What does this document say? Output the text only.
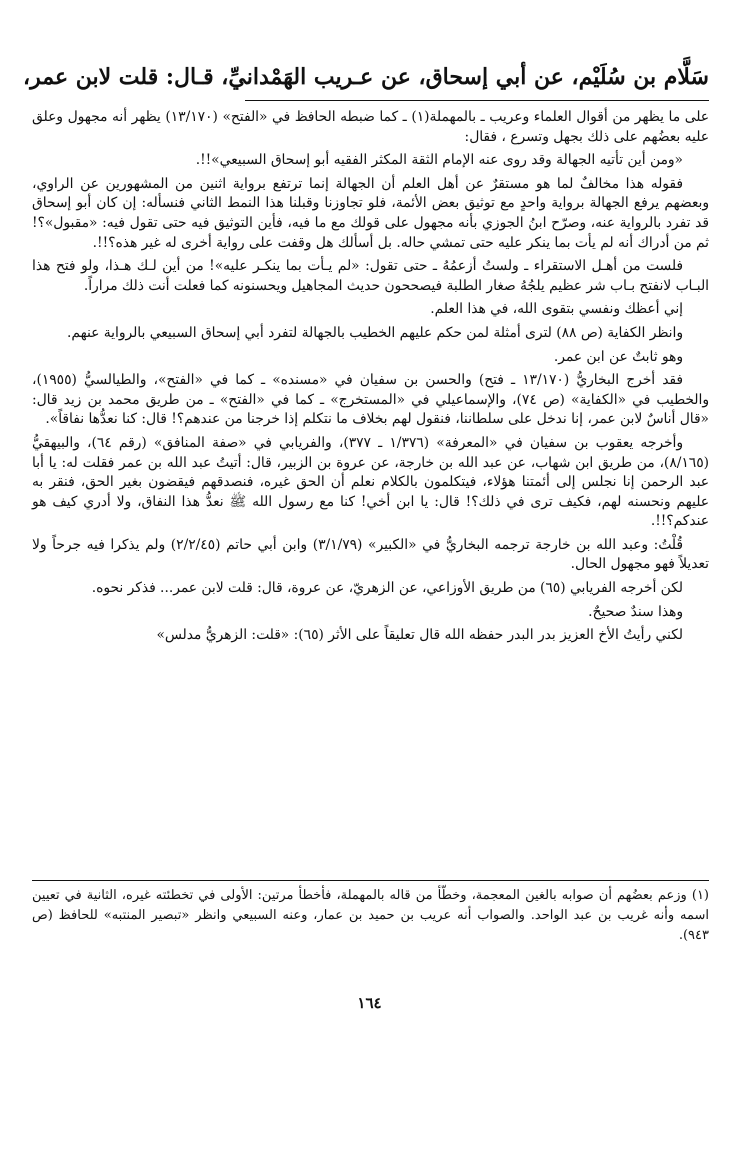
سَلَّام بن سُلَيْم، عن أبي إسحاق، عن عـريب الهَمْدانيِّ، قـال: قلت لابن عمر،

على ما يظهر من أقوال العلماء وعريب ـ بالمهملة(١) ـ كما ضبطه الحافظ في «الفتح» (١٣/١٧٠) يظهر أنه مجهول وعلق عليه بعضُهم على ذلك بجهل وتسرع ، فقال:

«ومن أين تأتيه الجهالة وقد روى عنه الإمام الثقة المكثر الفقيه أبو إسحاق السبيعي»!!.

فقوله هذا مخالفٌ لما هو مستقرٌ عن أهل العلم أن الجهالة إنما ترتفع برواية اثنين من المشهورين عن الراوي، وبعضهم يرفع الجهالة برواية واحدٍ مع توثيق بعض الأئمة، فلو تجاوزنا وقبلنا هذا النمط الثاني فنسأله: إن كان أبو إسحاق قد تفرد بالرواية عنه، وصرّح ابنُ الجوزي بأنه مجهول على قولك مع ما فيه، فأين التوثيق فيه حتى تقول فيه: «مقبول»؟! ثم من أدراك أنه لم يأت بما ينكر عليه حتى تمشي حاله. بل أسألك هل وقفت على رواية أخرى له غير هذه؟!!.

فلست من أهـل الاستقراء ـ ولستُ أزعمُهُ ـ حتى تقول: «لم يـأت بما ينكـر عليه»! من أين لـك هـذا، ولو فتح هذا البـاب لانفتح بـاب شر عظيم يلجُهُ صغار الطلبة فيصححون حديث المجاهيل ويحسنونه كما فعلت أنت ذلك مراراً.

إني أعظك ونفسي بتقوى الله، في هذا العلم.

وانظر الكفاية (ص ٨٨) لترى أمثلة لمن حكم عليهم الخطيب بالجهالة لتفرد أبي إسحاق السبيعي بالرواية عنهم.

وهو ثابتٌ عن ابن عمر.

فقد أخرج البخاريُّ (١٣/١٧٠ ـ فتح) والحسن بن سفيان في «مسنده» ـ كما في «الفتح»، والطيالسيُّ (١٩٥٥)، والخطيب في «الكفاية» (ص ٧٤)، والإسماعيلي في «المستخرج» ـ كما في «الفتح» ـ من طريق محمد بن زيد قال: «قال أناسٌ لابن عمر، إنا ندخل على سلطاننا، فنقول لهم بخلاف ما نتكلم إذا خرجنا من عندهم؟! قال: كنا نعدُّها نفاقاً».

وأخرجه يعقوب بن سفيان في «المعرفة» (١/٣٧٦ ـ ٣٧٧)، والفريابي في «صفة المنافق» (رقم ٦٤)، والبيهقيُّ (٨/١٦٥)، من طريق ابن شهاب، عن عبد الله بن خارجة، عن عروة بن الزبير، قال: أتيتُ عبد الله بن عمر فقلت له: يا أبا عبد الرحمن إنا نجلس إلى أئمتنا هؤلاء، فيتكلمون بالكلام نعلم أن الحق غيره، فنصدقهم فيقضون بغير الحق، فنقر به عليهم ونحسنه لهم، فكيف ترى في ذلك؟! قال: يا ابن أخي! كنا مع رسول الله ﷺ نعدُّ هذا النفاق، ولا أدري كيف هو عندكم؟!!.

قُلْتُ: وعبد الله بن خارجة ترجمه البخاريُّ في «الكبير» (٣/١/٧٩) وابن أبي حاتم (٢/٢/٤٥) ولم يذكرا فيه جرحاً ولا تعديلاً فهو مجهول الحال.

لكن أخرجه الفريابي (٦٥) من طريق الأوزاعي، عن الزهريّ، عن عروة، قال: قلت لابن عمر... فذكر نحوه.

وهذا سندٌ صحيحٌ.

لكني رأيتُ الأخ العزيز بدر البدر حفظه الله قال تعليقاً على الأثر (٦٥): «قلت: الزهريُّ مدلس»

(١) وزعم بعضُهم أن صوابه بالغين المعجمة، وخطّأ من قاله بالمهملة، فأخطأ مرتين: الأولى في تخطئته غيره، الثانية في تعيين اسمه وأنه غريب بن عبد الواحد. والصواب أنه عريب بن حميد بن عمار، وعنه السبيعي وانظر «تبصير المنتبه» للحافظ (ص ٩٤٣).

١٦٤
